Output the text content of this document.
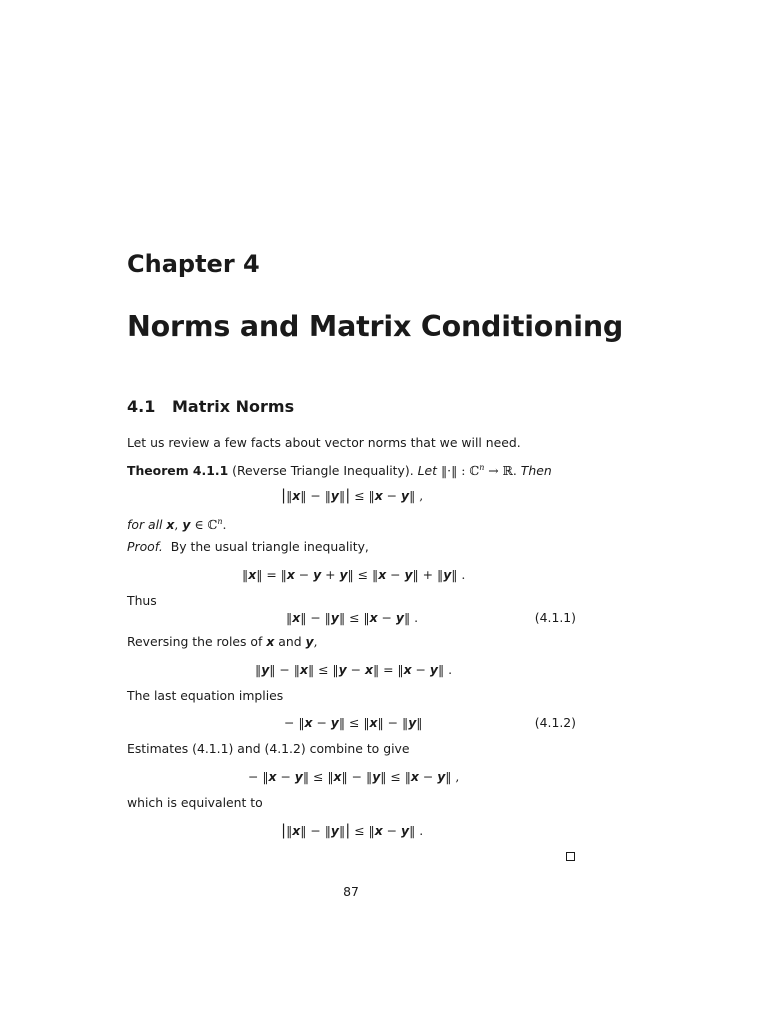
Chapter 4
Norms and Matrix Conditioning
4.1 Matrix Norms
Let us review a few facts about vector norms that we will need.
Theorem 4.1.1 (Reverse Triangle Inequality). Let ‖·‖ : ℂ$^n$ → ℝ. Then
|‖x‖ − ‖y‖| ≤ ‖x − y‖ ,
for all x, y ∈ ℂ$^n$.
Proof. By the usual triangle inequality,
‖x‖ = ‖x − y + y‖ ≤ ‖x − y‖ + ‖y‖ .
Thus
‖x‖ − ‖y‖ ≤ ‖x − y‖ .	(4.1.1)
Reversing the roles of x and y,
‖y‖ − ‖x‖ ≤ ‖y − x‖ = ‖x − y‖ .
The last equation implies
− ‖x − y‖ ≤ ‖x‖ − ‖y‖	(4.1.2)
Estimates (4.1.1) and (4.1.2) combine to give
− ‖x − y‖ ≤ ‖x‖ − ‖y‖ ≤ ‖x − y‖ ,
which is equivalent to
|‖x‖ − ‖y‖| ≤ ‖x − y‖ .
87
